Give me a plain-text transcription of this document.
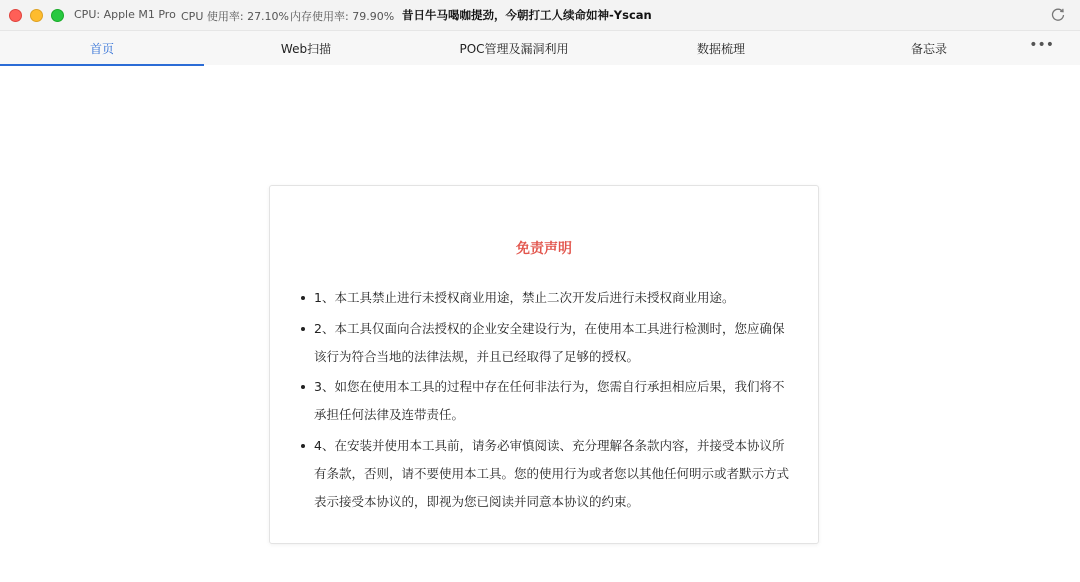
CPU: Apple M1 Pro CPU 使用率: 27.10% 内存使用率: 79.90% 昔日牛马喝咖提劲，今朝打工人续命如神-Yscan
首页	Web扫描	POC管理及漏洞利用	数据梳理	备忘录	•••
免责声明
1、本工具禁止进行未授权商业用途，禁止二次开发后进行未授权商业用途。
2、本工具仅面向合法授权的企业安全建设行为，在使用本工具进行检测时，您应确保该行为符合当地的法律法规，并且已经取得了足够的授权。
3、如您在使用本工具的过程中存在任何非法行为，您需自行承担相应后果，我们将不承担任何法律及连带责任。
4、在安装并使用本工具前，请务必审慎阅读、充分理解各条款内容，并接受本协议所有条款，否则，请不要使用本工具。您的使用行为或者您以其他任何明示或者默示方式表示接受本协议的，即视为您已阅读并同意本协议的约束。
